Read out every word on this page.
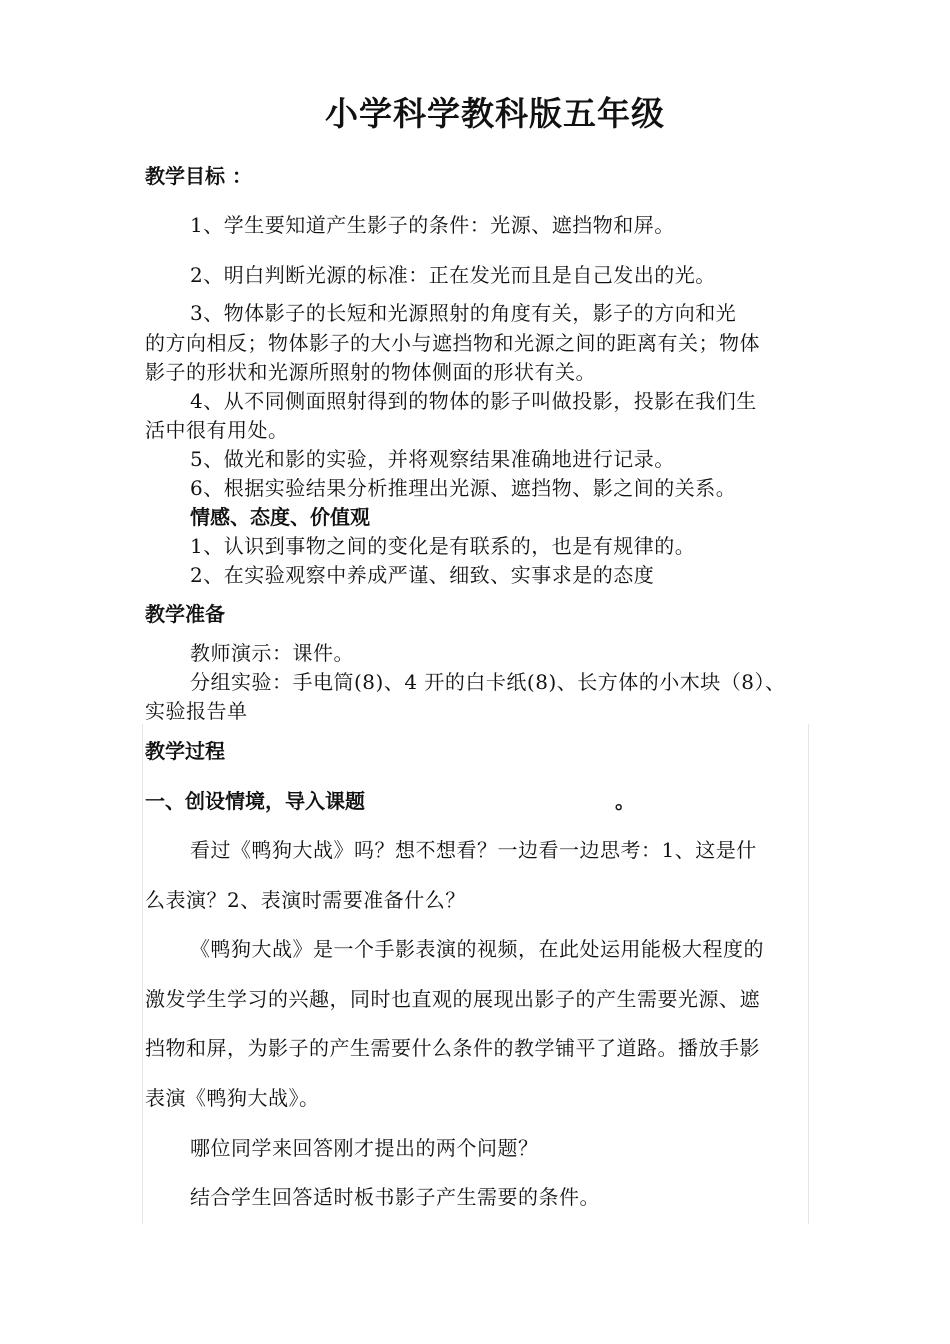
小学科学教科版五年级
教学目标 ：
1、学生要知道产生影子的条件：光源、遮挡物和屏。
2、明白判断光源的标准：正在发光而且是自己发出的光。
3、物体影子的长短和光源照射的角度有关，影子的方向和光
的方向相反；物体影子的大小与遮挡物和光源之间的距离有关；物体
影子的形状和光源所照射的物体侧面的形状有关。
4、从不同侧面照射得到的物体的影子叫做投影，投影在我们生
活中很有用处。
5、做光和影的实验，并将观察结果准确地进行记录。
6、根据实验结果分析推理出光源、遮挡物、影之间的关系。
情感、态度、价值观
1、认识到事物之间的变化是有联系的，也是有规律的。
2、在实验观察中养成严谨、细致、实事求是的态度
教学准备
教师演示：课件。
分组实验：手电筒(8)、4 开的白卡纸(8)、长方体的小木块（8）、
实验报告单
教学过程
一、创设情境，导入课题	。
看过《鸭狗大战》吗？想不想看？一边看一边思考：1、这是什
么表演？2、表演时需要准备什么？
《鸭狗大战》是一个手影表演的视频，在此处运用能极大程度的
激发学生学习的兴趣，同时也直观的展现出影子的产生需要光源、遮
挡物和屏，为影子的产生需要什么条件的教学铺平了道路。播放手影
表演《鸭狗大战》。
哪位同学来回答刚才提出的两个问题？
结合学生回答适时板书影子产生需要的条件。
